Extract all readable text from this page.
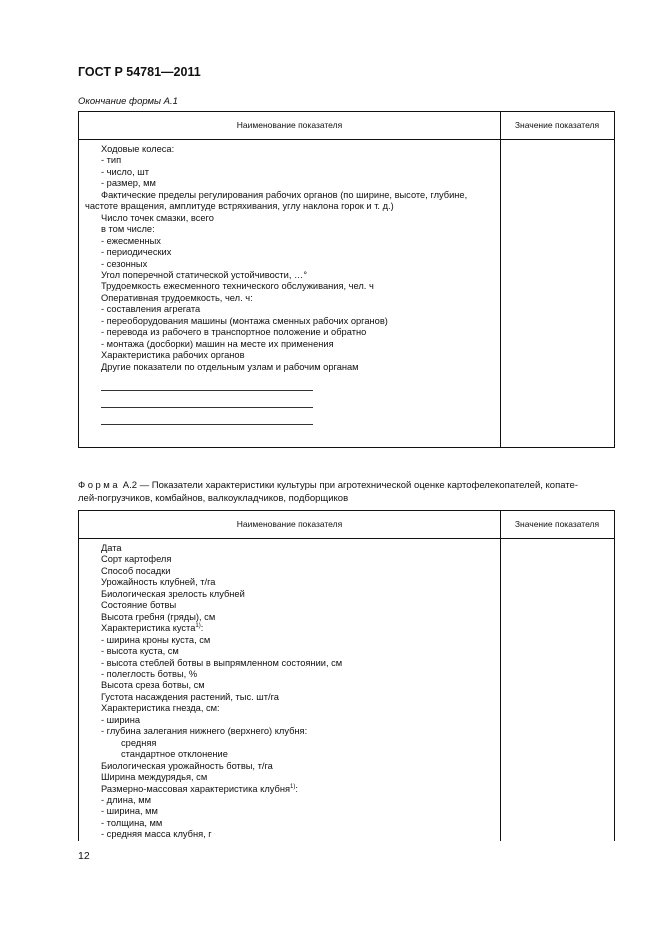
ГОСТ Р 54781—2011
Окончание формы А.1
Наименование показателя	Значение показателя
Ходовые колеса:
- тип
- число, шт
- размер, мм
Фактические пределы регулирования рабочих органов (по ширине, высоте, глубине,
частоте вращения, амплитуде встряхивания, углу наклона горок и т. д.)
Число точек смазки, всего
в том числе:
- ежесменных
- периодических
- сезонных
Угол поперечной статической устойчивости, …°
Трудоемкость ежесменного технического обслуживания, чел. ч
Оперативная трудоемкость, чел. ч:
- составления агрегата
- переоборудования машины (монтажа сменных рабочих органов)
- перевода из рабочего в транспортное положение и обратно
- монтажа (досборки) машин на месте их применения
Характеристика рабочих органов
Другие показатели по отдельным узлам и рабочим органам
Форма А.2 — Показатели характеристики культуры при агротехнической оценке картофелекопателей, копате-
лей-погрузчиков, комбайнов, валкоукладчиков, подборщиков
Наименование показателя	Значение показателя
Дата
Сорт картофеля
Способ посадки
Урожайность клубней, т/га
Биологическая зрелость клубней
Состояние ботвы
Высота гребня (гряды), см
Характеристика куста$^{1)}$:
- ширина кроны куста, см
- высота куста, см
- высота стеблей ботвы в выпрямленном состоянии, см
- полеглость ботвы, %
Высота среза ботвы, см
Густота насаждения растений, тыс. шт/га
Характеристика гнезда, см:
- ширина
- глубина залегания нижнего (верхнего) клубня:
средняя
стандартное отклонение
Биологическая урожайность ботвы, т/га
Ширина междурядья, см
Размерно-массовая характеристика клубня$^{1)}$:
- длина, мм
- ширина, мм
- толщина, мм
- средняя масса клубня, г
12
